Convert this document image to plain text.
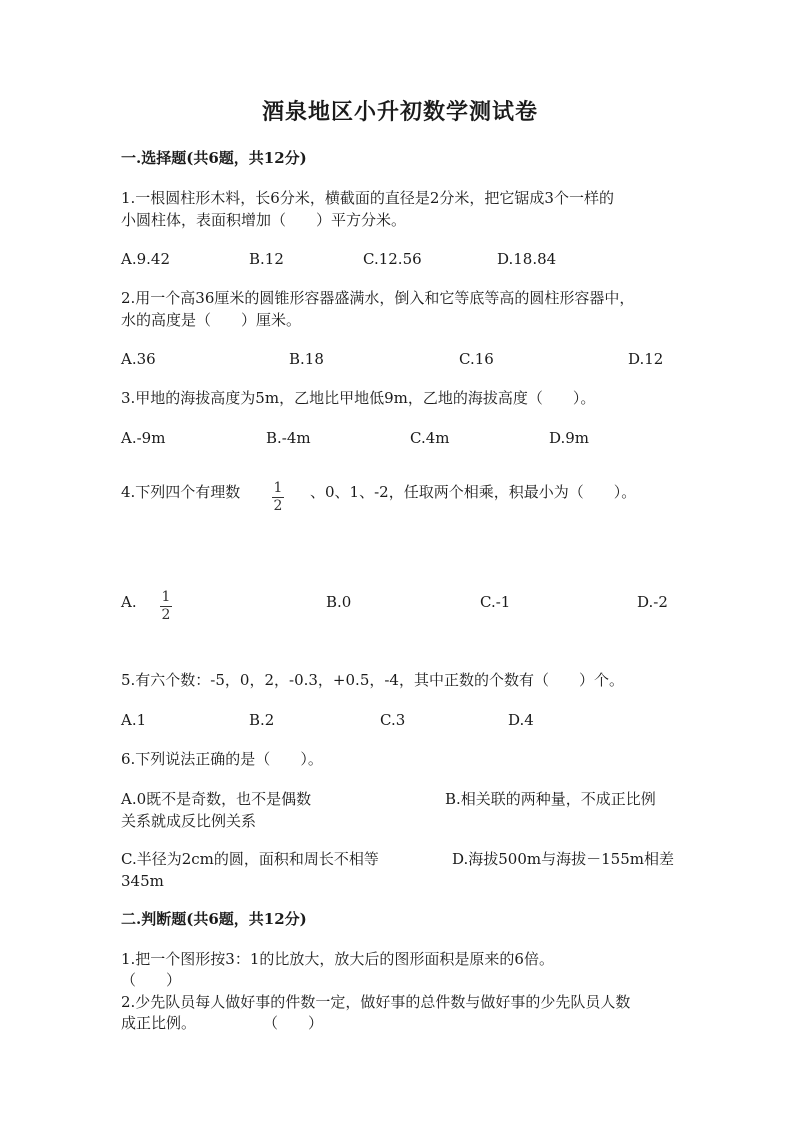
酒泉地区小升初数学测试卷
一.选择题(共6题，共12分)
1.一根圆柱形木料，长6分米，横截面的直径是2分米，把它锯成3个一样的
小圆柱体，表面积增加（　　）平方分米。
A.9.42	B.12	C.12.56	D.18.84
2.用一个高36厘米的圆锥形容器盛满水，倒入和它等底等高的圆柱形容器中，
水的高度是（　　）厘米。
A.36	B.18	C.16	D.12
3.甲地的海拔高度为5m，乙地比甲地低9m，乙地的海拔高度（　　）。
A.-9m	B.-4m	C.4m	D.9m
4.下列四个有理数 $\frac{1}{2}$ 、0、1、-2，任取两个相乘，积最小为（　　）。
A. $\frac{1}{2}$	B.0	C.-1	D.-2
5.有六个数：-5，0，2，-0.3，+0.5，-4，其中正数的个数有（　　）个。
A.1	B.2	C.3	D.4
6.下列说法正确的是（　　）。
A.0既不是奇数，也不是偶数	B.相关联的两种量，不成正比例
关系就成反比例关系
C.半径为2cm的圆，面积和周长不相等	D.海拔500m与海拔－155m相差
345m
二.判断题(共6题，共12分)
1.把一个图形按3：1的比放大，放大后的图形面积是原来的6倍。
（　　）
2.少先队员每人做好事的件数一定，做好事的总件数与做好事的少先队员人数
成正比例。	（　　）
